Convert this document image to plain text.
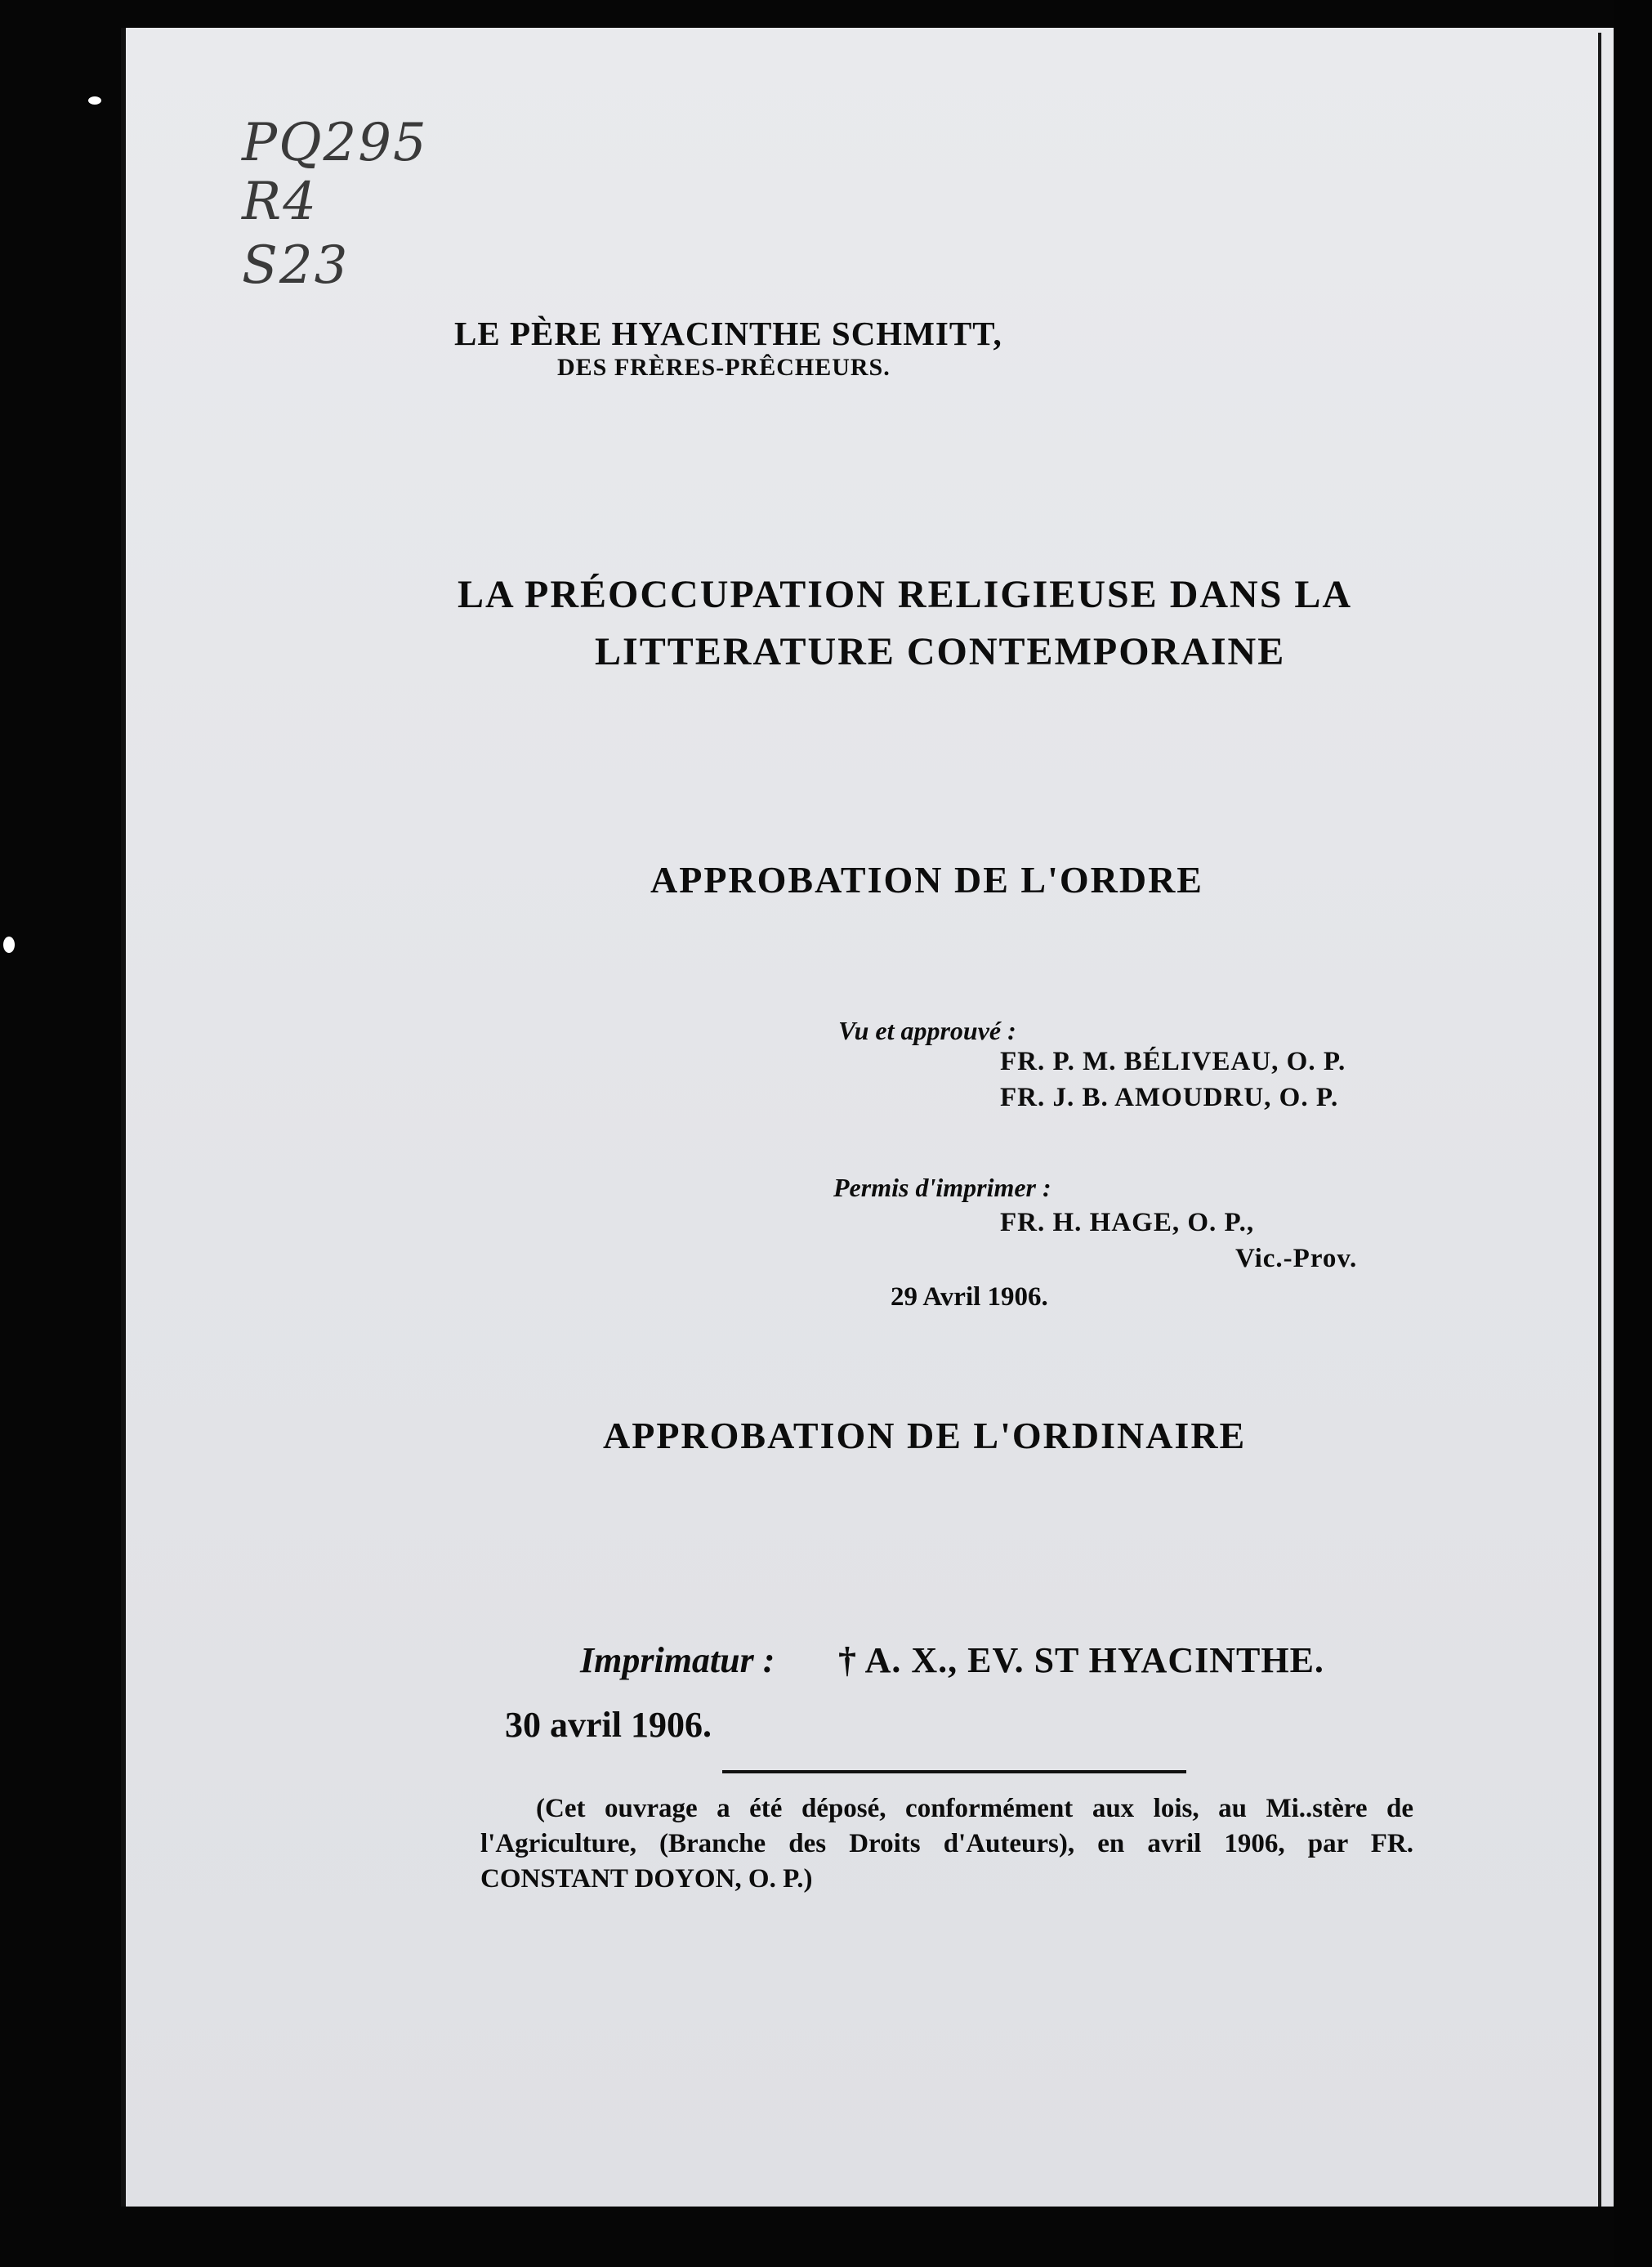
PQ295
R4
S23
LE PÈRE HYACINTHE SCHMITT,
DES FRÈRES-PRÊCHEURS.
LA PRÉOCCUPATION RELIGIEUSE DANS LA
LITTERATURE CONTEMPORAINE
APPROBATION DE L'ORDRE
Vu et approuvé :
FR. P. M. BÉLIVEAU, O. P.
FR. J. B. AMOUDRU, O. P.
Permis d'imprimer :
FR. H. HAGE, O. P.,
Vic.-Prov.
29 Avril 1906.
APPROBATION DE L'ORDINAIRE
Imprimatur : † A. X., EV. ST HYACINTHE.
30 avril 1906.
(Cet ouvrage a été déposé, conformément aux lois, au Mi..stère de l'Agriculture, (Branche des Droits d'Auteurs), en avril 1906, par FR. CONSTANT DOYON, O. P.)
